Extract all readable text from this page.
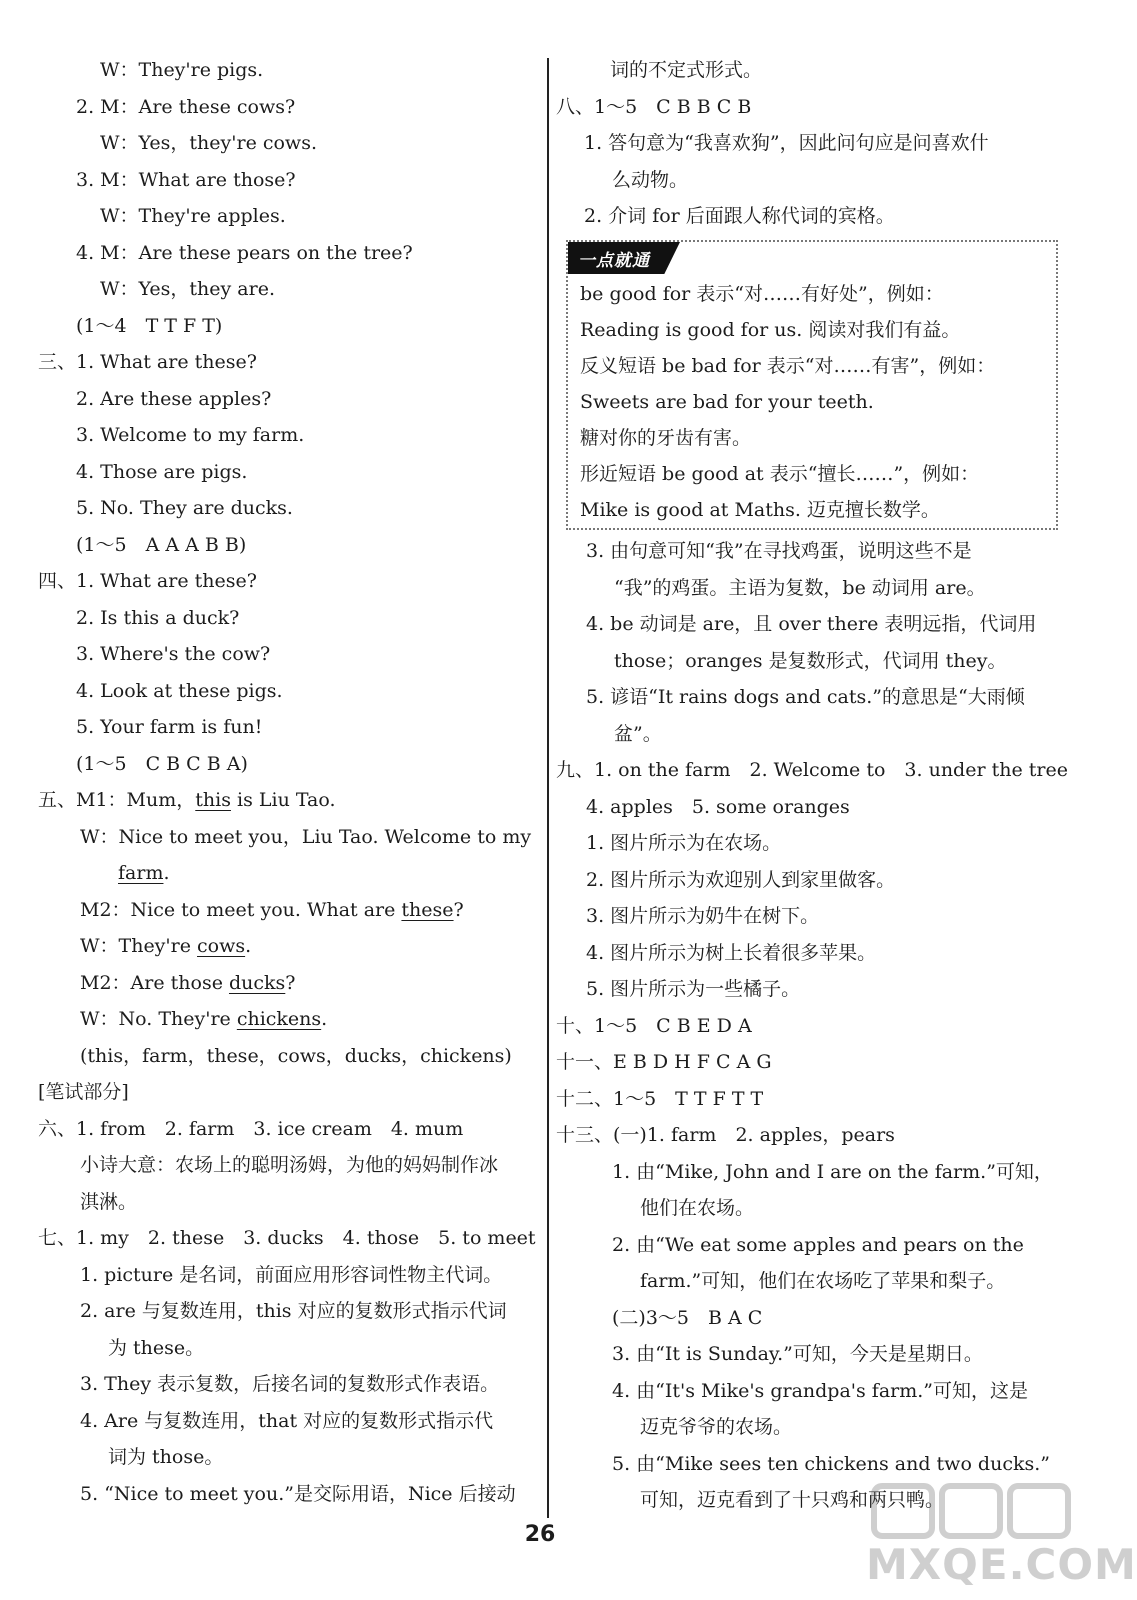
W：They're pigs.
2. M：Are these cows?
W：Yes，they're cows.
3. M：What are those?
W：They're apples.
4. M：Are these pears on the tree?
W：Yes，they are.
(1～4　T T F T)
三、1. What are these?
2. Are these apples?
3. Welcome to my farm.
4. Those are pigs.
5. No. They are ducks.
(1～5　A A A B B)
四、1. What are these?
2. Is this a duck?
3. Where's the cow?
4. Look at these pigs.
5. Your farm is fun!
(1～5　C B C B A)
五、M1：Mum，this is Liu Tao.
W：Nice to meet you，Liu Tao. Welcome to my
farm.
M2：Nice to meet you. What are these?
W：They're cows.
M2：Are those ducks?
W：No. They're chickens.
(this，farm，these，cows，ducks，chickens)
[笔试部分]
六、1. from　2. farm　3. ice cream　4. mum
小诗大意：农场上的聪明汤姆，为他的妈妈制作冰
淇淋。
七、1. my　2. these　3. ducks　4. those　5. to meet
1. picture 是名词，前面应用形容词性物主代词。
2. are 与复数连用，this 对应的复数形式指示代词
为 these。
3. They 表示复数，后接名词的复数形式作表语。
4. Are 与复数连用，that 对应的复数形式指示代
词为 those。
5. “Nice to meet you.”是交际用语，Nice 后接动
词的不定式形式。
八、1～5　C B B C B
1. 答句意为“我喜欢狗”，因此问句应是问喜欢什
么动物。
2. 介词 for 后面跟人称代词的宾格。
一点就通
be good for 表示“对……有好处”，例如：
Reading is good for us. 阅读对我们有益。
反义短语 be bad for 表示“对……有害”，例如：
Sweets are bad for your teeth.
糖对你的牙齿有害。
形近短语 be good at 表示“擅长……”，例如：
Mike is good at Maths. 迈克擅长数学。
3. 由句意可知“我”在寻找鸡蛋，说明这些不是
“我”的鸡蛋。主语为复数，be 动词用 are。
4. be 动词是 are，且 over there 表明远指，代词用
those；oranges 是复数形式，代词用 they。
5. 谚语“It rains dogs and cats.”的意思是“大雨倾
盆”。
九、1. on the farm　2. Welcome to　3. under the tree
4. apples　5. some oranges
1. 图片所示为在农场。
2. 图片所示为欢迎别人到家里做客。
3. 图片所示为奶牛在树下。
4. 图片所示为树上长着很多苹果。
5. 图片所示为一些橘子。
十、1～5　C B E D A
十一、E B D H F C A G
十二、1～5　T T F T T
十三、(一)1. farm　2. apples，pears
1. 由“Mike, John and I are on the farm.”可知，
他们在农场。
2. 由“We eat some apples and pears on the
farm.”可知，他们在农场吃了苹果和梨子。
(二)3～5　B A C
3. 由“It is Sunday.”可知，今天是星期日。
4. 由“It's Mike's grandpa's farm.”可知，这是
迈克爷爷的农场。
5. 由“Mike sees ten chickens and two ducks.”
可知，迈克看到了十只鸡和两只鸭。
26
MXQE.COM
